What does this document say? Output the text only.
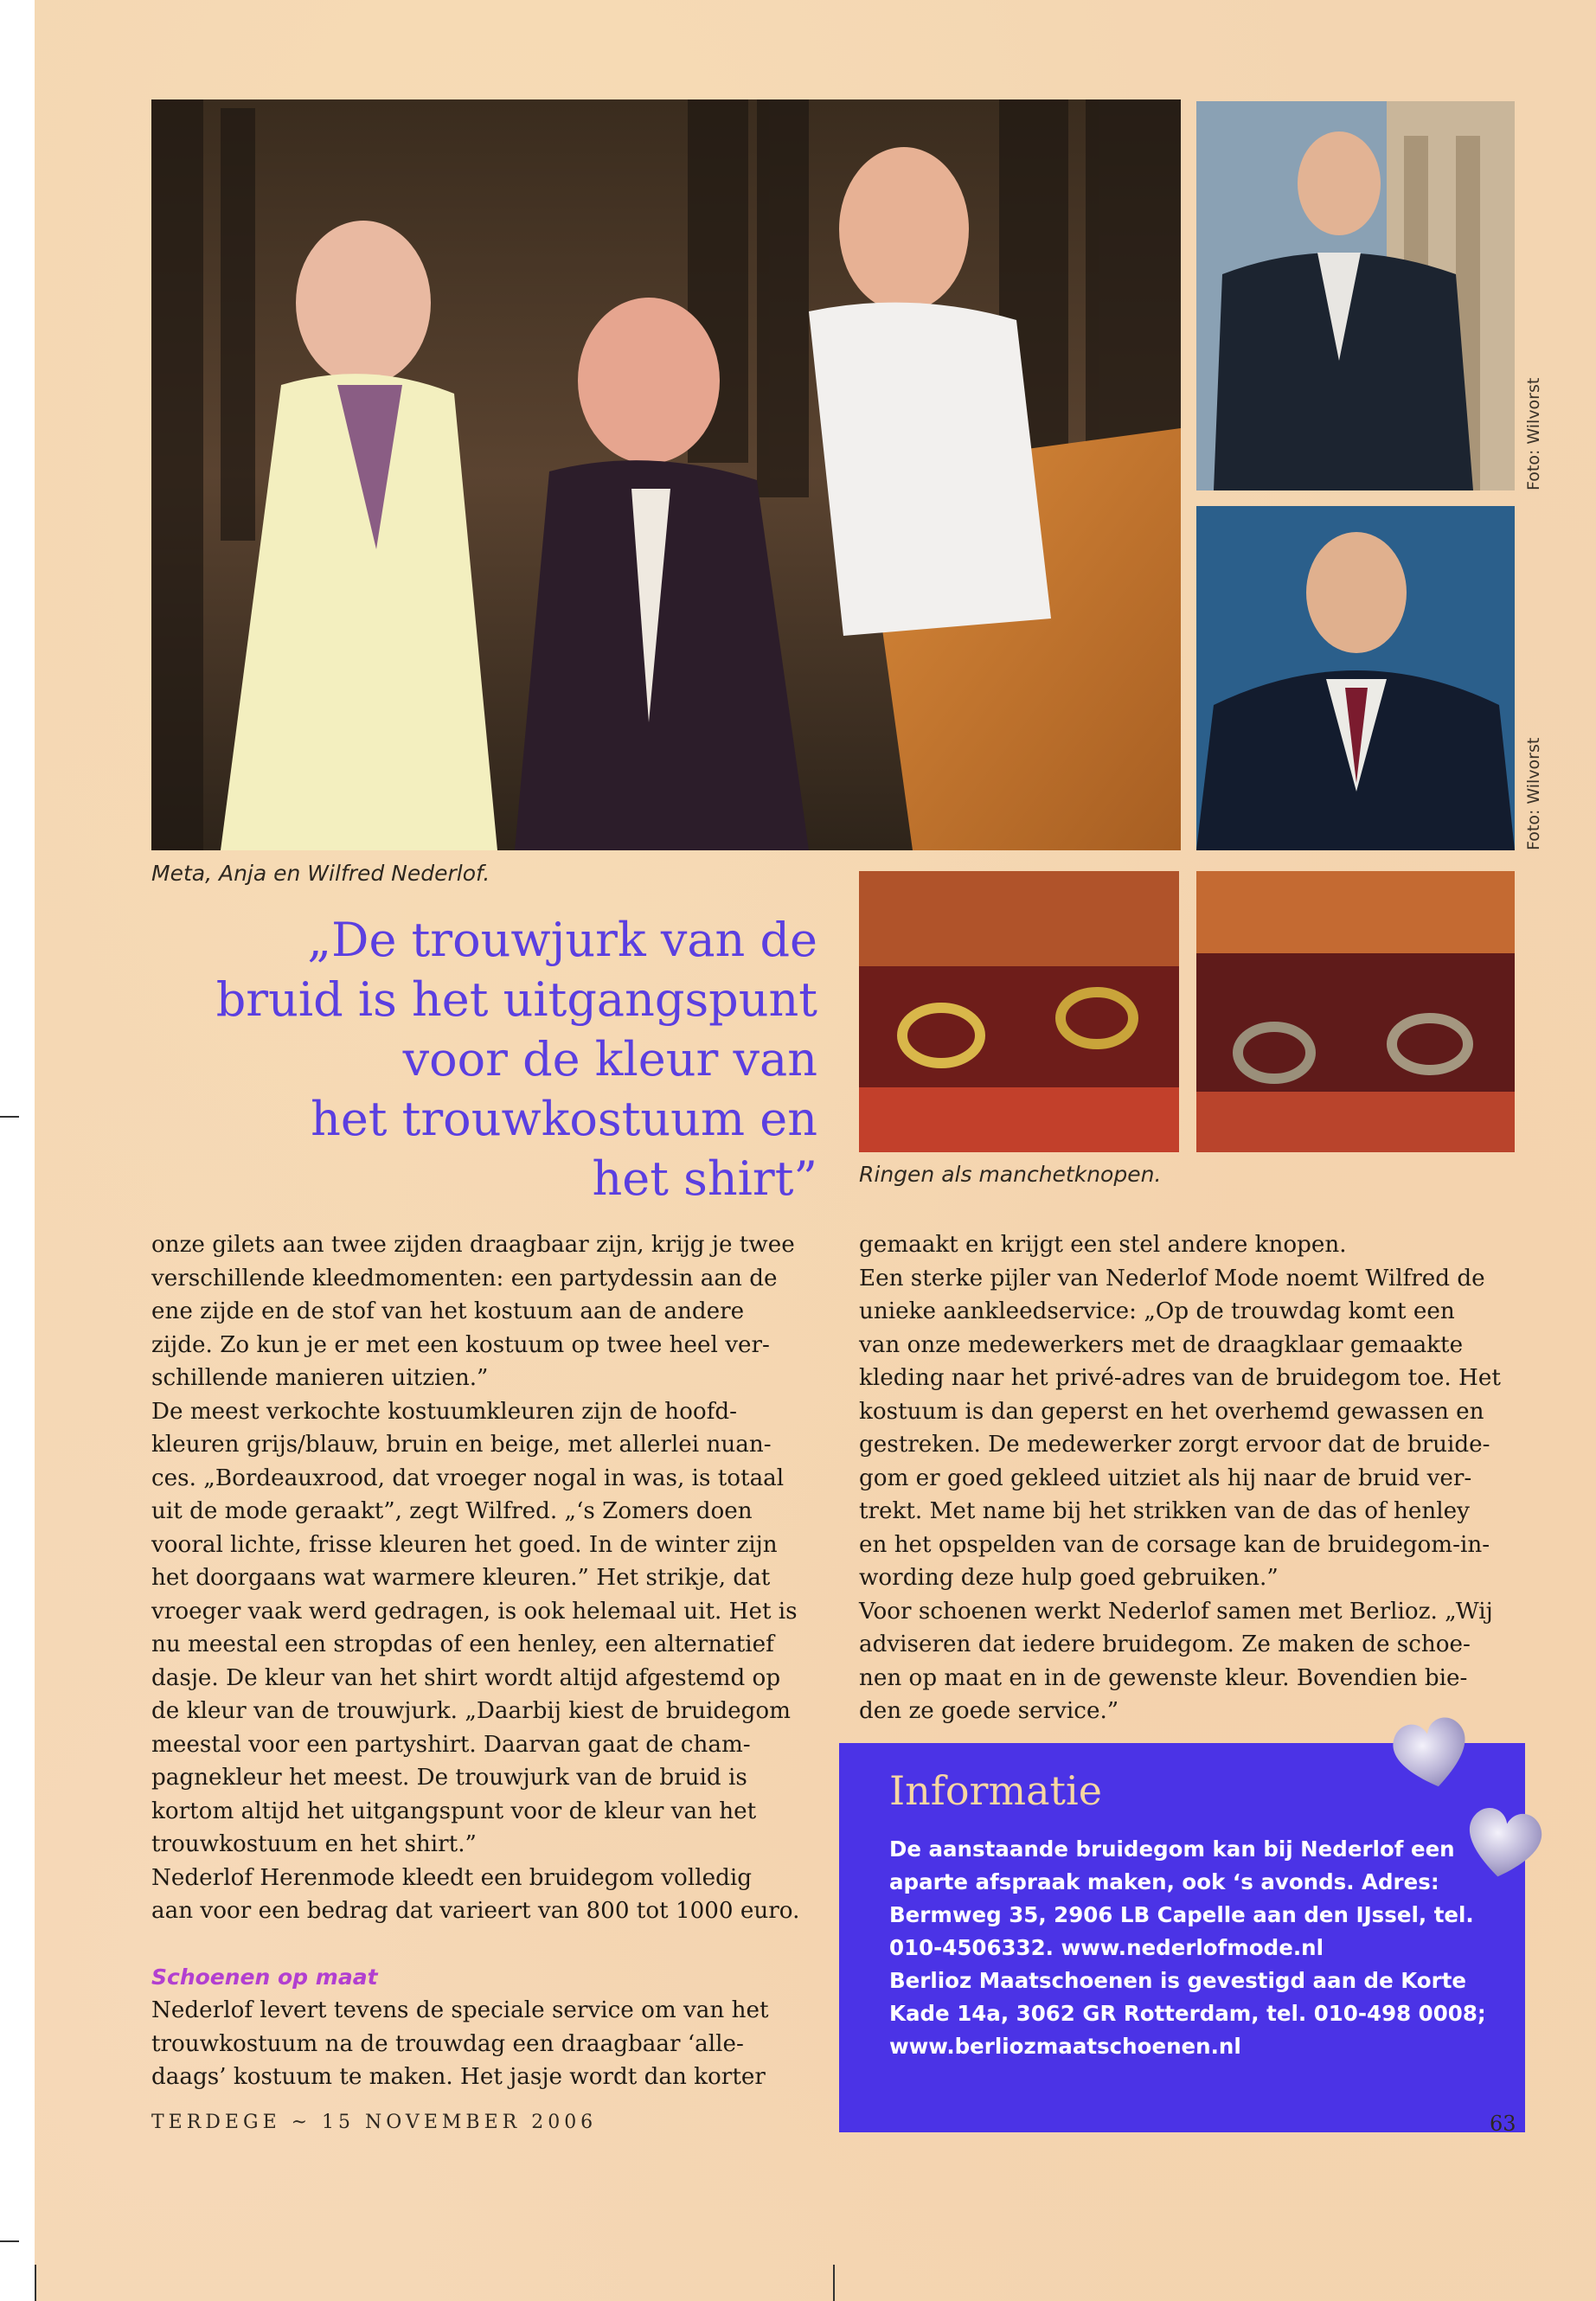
Foto: Wilvorst
Foto: Wilvorst
Meta, Anja en Wilfred Nederlof.
Ringen als manchetknopen.
„De trouwjurk van de
bruid is het uitgangspunt
voor de kleur van
het trouwkostuum en
het shirt”
onze gilets aan twee zijden draagbaar zijn, krijg je twee
verschillende kleedmomenten: een partydessin aan de
ene zijde en de stof van het kostuum aan de andere
zijde. Zo kun je er met een kostuum op twee heel ver-
schillende manieren uitzien.”
De meest verkochte kostuumkleuren zijn de hoofd-
kleuren grijs/blauw, bruin en beige, met allerlei nuan-
ces. „Bordeauxrood, dat vroeger nogal in was, is totaal
uit de mode geraakt”, zegt Wilfred. „‘s Zomers doen
vooral lichte, frisse kleuren het goed. In de winter zijn
het doorgaans wat warmere kleuren.” Het strikje, dat
vroeger vaak werd gedragen, is ook helemaal uit. Het is
nu meestal een stropdas of een henley, een alternatief
dasje. De kleur van het shirt wordt altijd afgestemd op
de kleur van de trouwjurk. „Daarbij kiest de bruidegom
meestal voor een partyshirt. Daarvan gaat de cham-
pagnekleur het meest. De trouwjurk van de bruid is
kortom altijd het uitgangspunt voor de kleur van het
trouwkostuum en het shirt.”
Nederlof Herenmode kleedt een bruidegom volledig
aan voor een bedrag dat varieert van 800 tot 1000 euro.
Schoenen op maat
Nederlof levert tevens de speciale service om van het
trouwkostuum na de trouwdag een draagbaar ‘alle-
daags’ kostuum te maken. Het jasje wordt dan korter
gemaakt en krijgt een stel andere knopen.
Een sterke pijler van Nederlof Mode noemt Wilfred de
unieke aankleedservice: „Op de trouwdag komt een
van onze medewerkers met de draagklaar gemaakte
kleding naar het privé-adres van de bruidegom toe. Het
kostuum is dan geperst en het overhemd gewassen en
gestreken. De medewerker zorgt ervoor dat de bruide-
gom er goed gekleed uitziet als hij naar de bruid ver-
trekt. Met name bij het strikken van de das of henley
en het opspelden van de corsage kan de bruidegom-in-
wording deze hulp goed gebruiken.”
Voor schoenen werkt Nederlof samen met Berlioz. „Wij
adviseren dat iedere bruidegom. Ze maken de schoe-
nen op maat en in de gewenste kleur. Bovendien bie-
den ze goede service.”
Informatie
De aanstaande bruidegom kan bij Nederlof een
aparte afspraak maken, ook ‘s avonds. Adres:
Bermweg 35, 2906 LB Capelle aan den IJssel, tel.
010-4506332. www.nederlofmode.nl
Berlioz Maatschoenen is gevestigd aan de Korte
Kade 14a, 3062 GR Rotterdam, tel. 010-498 0008;
www.berliozmaatschoenen.nl
TERDEGE ~ 15 NOVEMBER 2006	63
